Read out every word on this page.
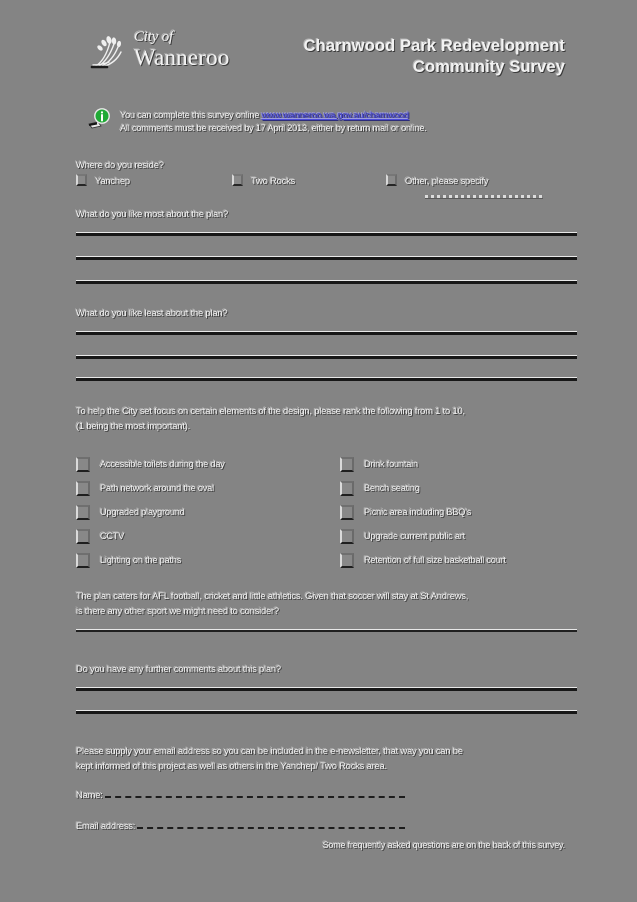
City of
Wanneroo	Charnwood Park Redevelopment
Community Survey
You can complete this survey online www.wanneroo.wa.gov.au/charnwood
All comments must be received by 17 April 2013, either by return mail or online.
Where do you reside?
Yanchep	Two Rocks	Other, please specify
What do you like most about the plan?
What do you like least about the plan?
To help the City set focus on certain elements of the design, please rank the following from 1 to 10,
(1 being the most important).
Accessible toilets during the day
Path network around the oval
Upgraded playground
CCTV
Lighting on the paths
Drink fountain
Bench seating
Picnic area including BBQ's
Upgrade current public art
Retention of full size basketball court
The plan caters for AFL football, cricket and little athletics. Given that soccer will stay at St Andrews,
is there any other sport we might need to consider?
Do you have any further comments about this plan?
Please supply your email address so you can be included in the e-newsletter, that way you can be
kept informed of this project as well as others in the Yanchep/ Two Rocks area.
Name:
Email address:
Some frequently asked questions are on the back of this survey.
